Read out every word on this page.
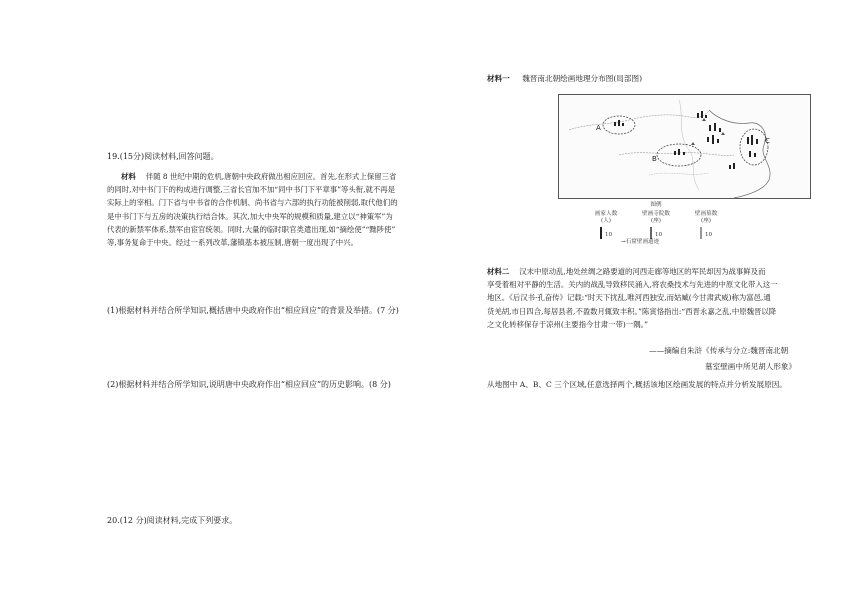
19.(15分)阅读材料,回答问题。
材料 伴随 8 世纪中期的危机,唐朝中央政府做出相应回应。首先,在形式上保留三省
的同时,对中书门下的构成进行调整,三省长官加不加“同中书门下平章事”等头衔,就不再是
实际上的宰相。门下省与中书省的合作机制、尚书省与六部的执行功能被削弱,取代他们的
是中书门下与五房的决策执行结合体。其次,加大中央军的规模和质量,建立以“神策军”为
代表的新禁军体系,禁军由宦官统领。同时,大量的临时职官类遣出现,如“摘绘使”“黜陟使”
等,事务复命于中央。经过一系列改革,藩镇基本被压制,唐朝一度出现了中兴。
(1)根据材料并结合所学知识,概括唐中央政府作出“相应回应”的背景及举措。(7 分)
(2)根据材料并结合所学知识,说明唐中央政府作出“相应回应”的历史影响。(8 分)
20.(12 分)阅读材料,完成下列要求。
材料一 魏晋南北朝绘画地理分布图(局部图)
A
B
C
图例
画家人数
(人)
10
壁画寺院数
(座)
10
壁画墓数
(座)
10
→石窟壁画遗迹
材料二 汉末中原动乱,地处丝绸之路要道的河西走廊等地区的军民却因为战事鲜及而
享受着相对平静的生活。关内的战乱导致移民涌入,将农桑技术与先进的中原文化带入这一
地区。《后汉书·孔奋传》记载:“时天下扰乱,唯河西独安,而姑臧(今甘肃武威)称为富邑,通
货羌胡,市日四合,每居县者,不盈数月辄致丰积。”陈寅恪指出:“西晋永嘉之乱,中原魏晋以降
之文化转移保存于凉州(主要指今甘肃一带)一隅。”
——摘编自朱浒《传承与分立:魏晋南北朝
墓室壁画中所见胡人形象》
从地图中 A、B、C 三个区域,任意选择两个,概括该地区绘画发展的特点并分析发展原因。
